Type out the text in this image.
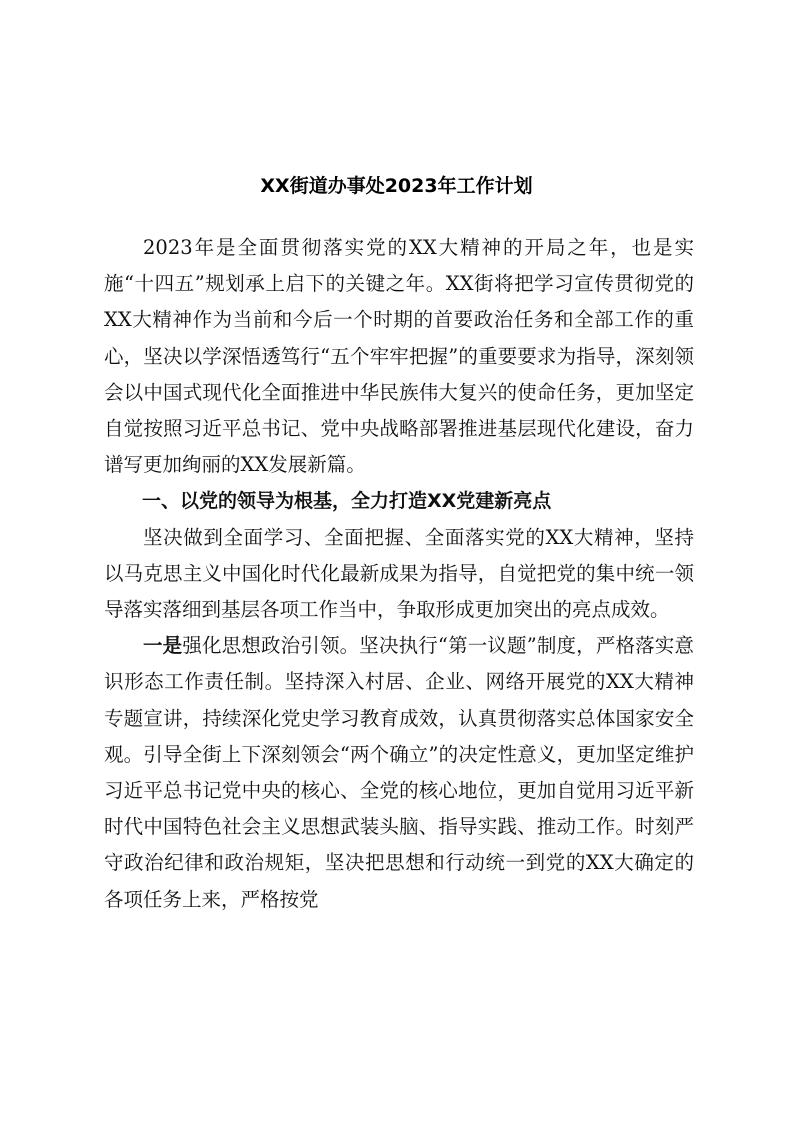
XX街道办事处2023年工作计划

2023年是全面贯彻落实党的XX大精神的开局之年，也是实施“十四五”规划承上启下的关键之年。XX街将把学习宣传贯彻党的XX大精神作为当前和今后一个时期的首要政治任务和全部工作的重心，坚决以学深悟透笃行“五个牢牢把握”的重要要求为指导，深刻领会以中国式现代化全面推进中华民族伟大复兴的使命任务，更加坚定自觉按照习近平总书记、党中央战略部署推进基层现代化建设，奋力谱写更加绚丽的XX发展新篇。

一、以党的领导为根基，全力打造XX党建新亮点

坚决做到全面学习、全面把握、全面落实党的XX大精神，坚持以马克思主义中国化时代化最新成果为指导，自觉把党的集中统一领导落实落细到基层各项工作当中，争取形成更加突出的亮点成效。

一是强化思想政治引领。坚决执行“第一议题”制度，严格落实意识形态工作责任制。坚持深入村居、企业、网络开展党的XX大精神专题宣讲，持续深化党史学习教育成效，认真贯彻落实总体国家安全观。引导全街上下深刻领会“两个确立”的决定性意义，更加坚定维护习近平总书记党中央的核心、全党的核心地位，更加自觉用习近平新时代中国特色社会主义思想武装头脑、指导实践、推动工作。时刻严守政治纪律和政治规矩，坚决把思想和行动统一到党的XX大确定的各项任务上来，严格按党
